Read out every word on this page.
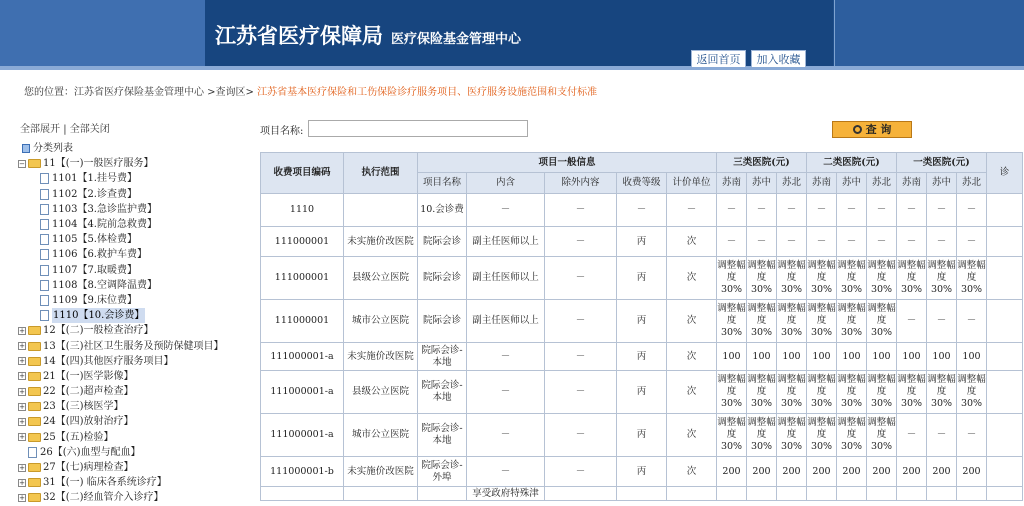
江苏省医疗保障局 医疗保险基金管理中心
返回首页	加入收藏
您的位置：江苏省医疗保险基金管理中心 >查询区> 江苏省基本医疗保险和工伤保险诊疗服务项目、医疗服务设施范围和支付标准
全部展开 | 全部关闭
分类列表
− 11【(一)一般医疗服务】
1101【1.挂号费】
1102【2.诊查费】
1103【3.急诊监护费】
1104【4.院前急救费】
1105【5.体检费】
1106【6.救护车费】
1107【7.取暖费】
1108【8.空调降温费】
1109【9.床位费】
1110【10.会诊费】
+ 12【(二)一般检查治疗】
+ 13【(三)社区卫生服务及预防保健项目】
+ 14【(四)其他医疗服务项目】
+ 21【(一)医学影像】
+ 22【(二)超声检查】
+ 23【(三)核医学】
+ 24【(四)放射治疗】
+ 25【(五)检验】
26【(六)血型与配血】
+ 27【(七)病理检查】
+ 31【(一) 临床各系统诊疗】
+ 32【(二)经血管介入诊疗】
项目名称:	查 询
收费项目编码	执行范围	项目一般信息					三类医院(元)			二类医院(元)			一类医院(元)			诊
		项目名称	内含	除外内容	收费等级	计价单位	苏南	苏中	苏北	苏南	苏中	苏北	苏南	苏中	苏北	
1110		10.会诊费	－	－	－	－	－	－	－	－	－	－	－	－	－	
111000001	未实施价改医院	院际会诊	副主任医师以上	－	丙	次	－	－	－	－	－	－	－	－	－	
111000001	县级公立医院	院际会诊	副主任医师以上	－	丙	次	调整幅度30%	调整幅度30%	调整幅度30%	调整幅度30%	调整幅度30%	调整幅度30%	调整幅度30%	调整幅度30%	调整幅度30%	
111000001	城市公立医院	院际会诊	副主任医师以上	－	丙	次	调整幅度30%	调整幅度30%	调整幅度30%	调整幅度30%	调整幅度30%	调整幅度30%	－	－	－	
111000001-a	未实施价改医院	院际会诊-本地	－	－	丙	次	100	100	100	100	100	100	100	100	100	
111000001-a	县级公立医院	院际会诊-本地	－	－	丙	次	调整幅度30%	调整幅度30%	调整幅度30%	调整幅度30%	调整幅度30%	调整幅度30%	调整幅度30%	调整幅度30%	调整幅度30%	
111000001-a	城市公立医院	院际会诊-本地	－	－	丙	次	调整幅度30%	调整幅度30%	调整幅度30%	调整幅度30%	调整幅度30%	调整幅度30%	－	－	－	
111000001-b	未实施价改医院	院际会诊-外埠	－	－	丙	次	200	200	200	200	200	200	200	200	200	
			享受政府特殊津													
